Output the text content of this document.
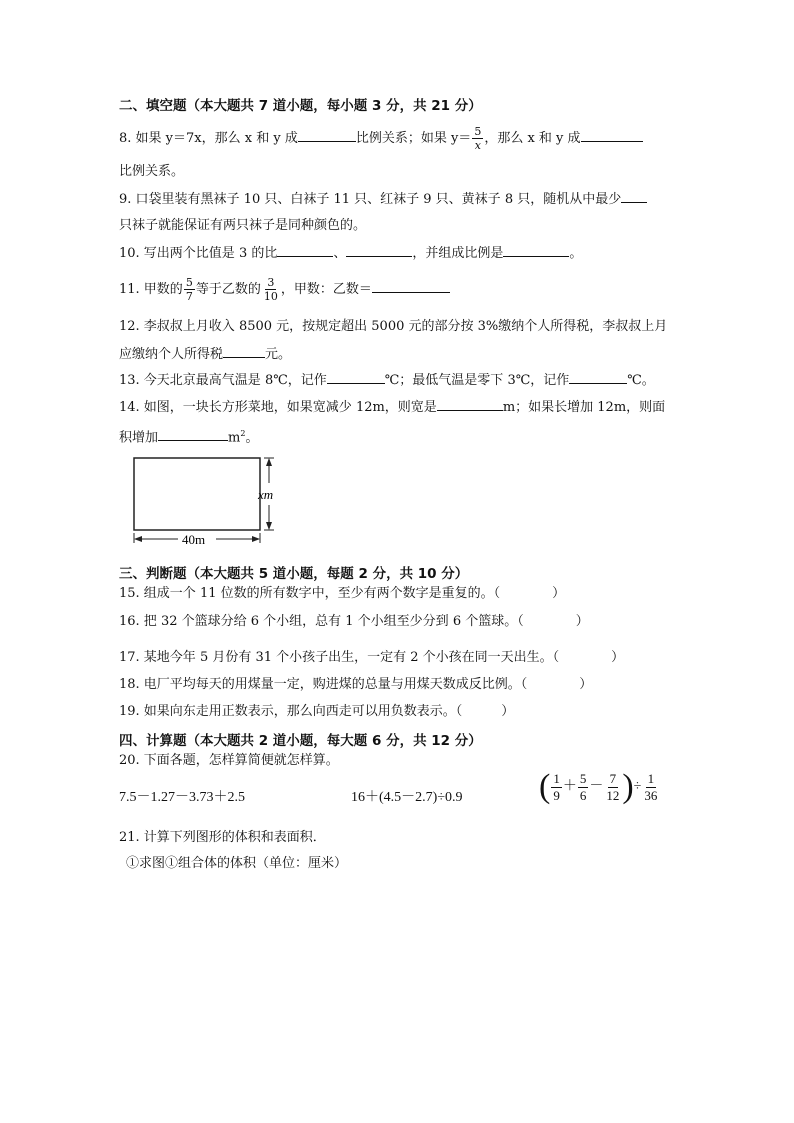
二、填空题（本大题共 7 道小题，每小题 3 分，共 21 分）
8. 如果 y＝7x，那么 x 和 y 成	比例关系；如果 $y= \frac{5}{x}$ ，那么 x 和 y 成
比例关系。
9. 口袋里装有黑袜子 10 只、白袜子 11 只、红袜子 9 只、黄袜子 8 只，随机从中最少
只袜子就能保证有两只袜子是同种颜色的。
10. 写出两个比值是 3 的比	、	，并组成比例是	。
11. 甲数的 $\frac{5}{7}$ 等于乙数的 $\frac{3}{10}$ ，甲数：乙数＝
12. 李叔叔上月收入 8500 元，按规定超出 5000 元的部分按 3%缴纳个人所得税，李叔叔上月
应缴纳个人所得税	元。
13. 今天北京最高气温是 8℃，记作	℃；最低气温是零下 3℃，记作	℃。
14. 如图，一块长方形菜地，如果宽减少 12m，则宽是	m；如果长增加 12m，则面
积增加	$m^2$。
xm
40m
三、判断题（本大题共 5 道小题，每题 2 分，共 10 分）
15. 组成一个 11 位数的所有数字中，至少有两个数字是重复的。（　　　　）
16. 把 32 个篮球分给 6 个小组，总有 1 个小组至少分到 6 个篮球。（　　　　）
17. 某地今年 5 月份有 31 个小孩子出生，一定有 2 个小孩在同一天出生。（　　　　）
18. 电厂平均每天的用煤量一定，购进煤的总量与用煤天数成反比例。（　　　　）
19. 如果向东走用正数表示，那么向西走可以用负数表示。（　　　）
四、计算题（本大题共 2 道小题，每大题 6 分，共 12 分）
20. 下面各题，怎样算简便就怎样算。
7.5－1.27－3.73＋2.5	16＋(4.5－2.7)÷0.9 ( $\frac{1}{9} + \frac{5}{6} - \frac{7}{12}$ )÷ $\frac{1}{36}$
21. 计算下列图形的体积和表面积．
①求图①组合体的体积（单位：厘米）
